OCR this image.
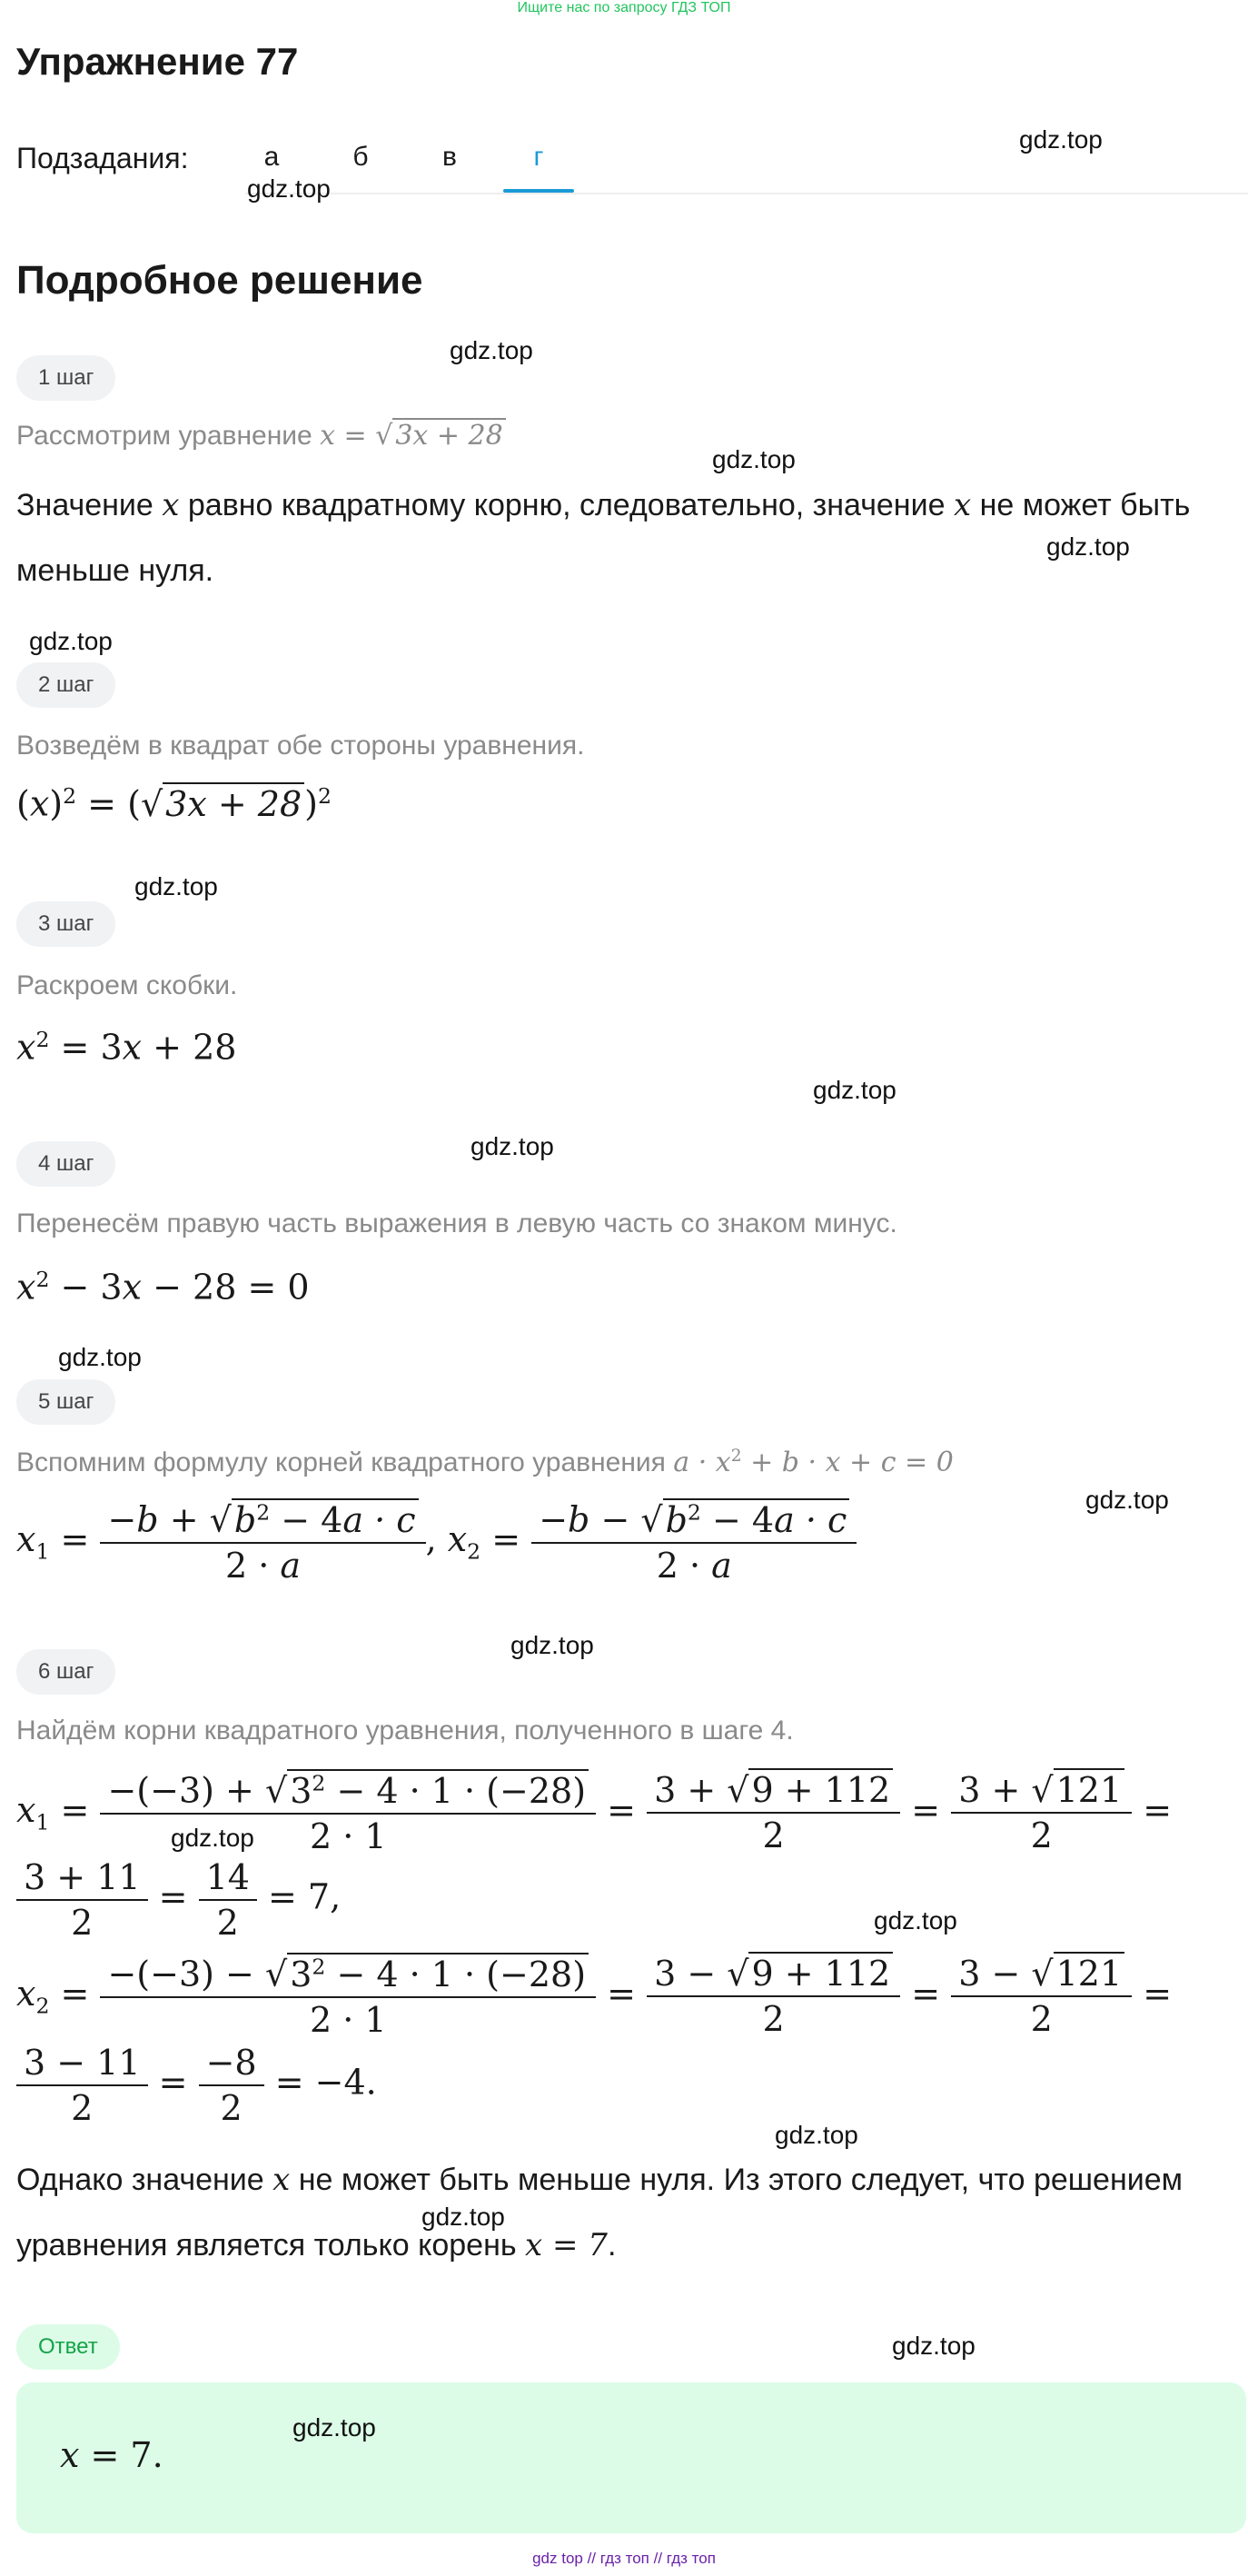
Ищите нас по запросу ГДЗ ТОП
Упражнение 77
Подзадания:	а	б	в	г
Подробное решение
1 шаг
Рассмотрим уравнение x = √ 3x + 28
Значение x равно квадратному корню, следовательно, значение x не может быть меньше нуля.
2 шаг
Возведём в квадрат обе стороны уравнения.
$(x)^2 = (√3x + 28)^2$
3 шаг
Раскроем скобки.
$x^2 = 3x + 28$
4 шаг
Перенесём правую часть выражения в левую часть со знаком минус.
$x^2 - 3x - 28 = 0$
5 шаг
Вспомним формулу корней квадратного уравнения $a \cdot x^2 + b \cdot x + c = 0$
$x_1 = \frac{-b + √b^2 - 4a \cdot c}{2 \cdot a}$ , $x_2 = \frac{-b - √b^2 - 4a \cdot c}{2 \cdot a}$
6 шаг
Найдём корни квадратного уравнения, полученного в шаге 4.
$x_1 = \frac{-(-3) + √3^2 - 4 \cdot 1 \cdot (-28)}{2 \cdot 1} = \frac{3 + √9 + 112}{2} = \frac{3 + √121}{2}$ =
$\frac{3 + 11}{2} = \frac{14}{2} = 7$,
$x_2 = \frac{-(-3) - √3^2 - 4 \cdot 1 \cdot (-28)}{2 \cdot 1} = \frac{3 - √9 + 112}{2} = \frac{3 - √121}{2}$ =
$\frac{3 - 11}{2} = \frac{-8}{2} = -4$.
Однако значение x не может быть меньше нуля. Из этого следует, что решением уравнения является только корень x = 7.
Ответ
x = 7.
gdz.top
gdz.top
gdz.top
gdz.top
gdz.top
gdz.top
gdz.top
gdz.top
gdz.top
gdz.top
gdz.top
gdz.top
gdz.top
gdz.top
gdz.top
gdz.top
gdz.top
gdz.top
gdz top // гдз топ // гдз топ
